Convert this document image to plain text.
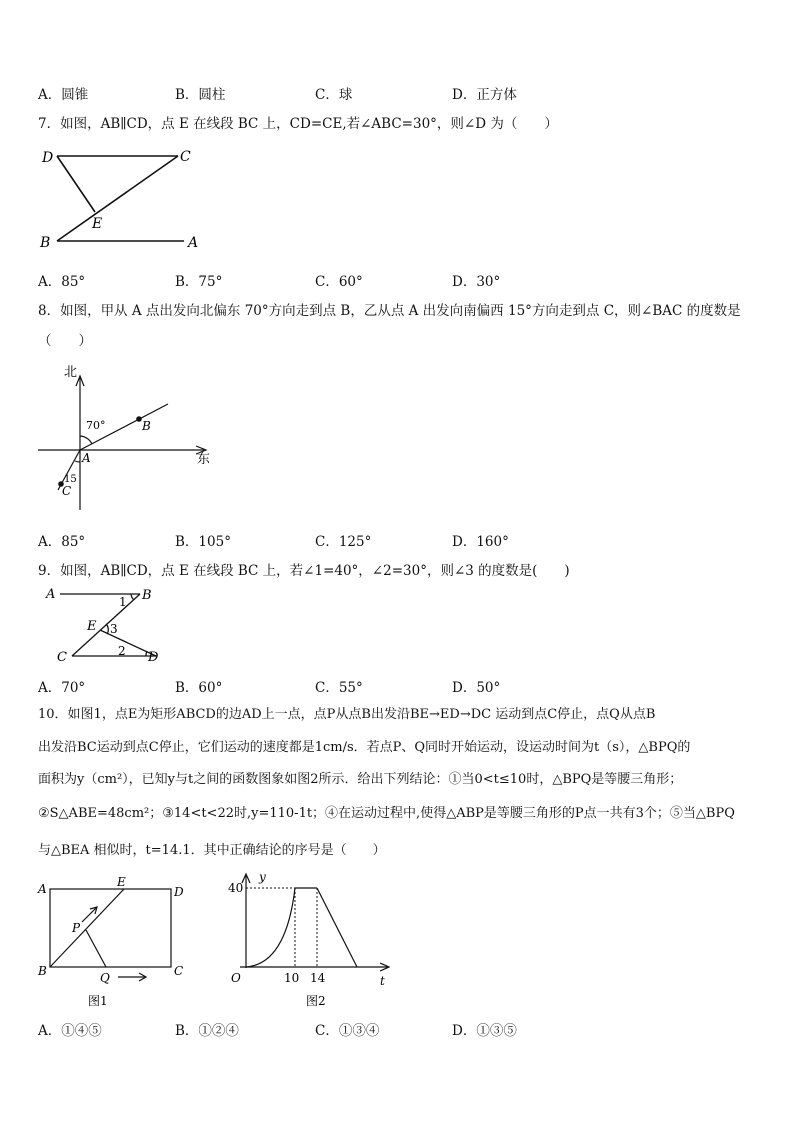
A．圆锥	B．圆柱	C．球	D．正方体
7．如图，AB∥CD，点 E 在线段 BC 上，CD=CE,若∠ABC=30°，则∠D 为（　　）
D	C
E
B	A
A．85°	B．75°	C．60°	D．30°
8．如图，甲从 A 点出发向北偏东 70°方向走到点 B，乙从点 A 出发向南偏西 15°方向走到点 C，则∠BAC 的度数是
（　　）
北
东
70°
15
A
B
C
A．85°	B．105°	C．125°	D．160°
9．如图，AB∥CD，点 E 在线段 BC 上，若∠1=40°，∠2=30°，则∠3 的度数是(　　)
A	B
E
C	D
1
3
2
A．70°	B．60°	C．55°	D．50°
10．如图1，点E为矩形ABCD的边AD上一点，点P从点B出发沿BE→ED→DC 运动到点C停止，点Q从点B
出发沿BC运动到点C停止，它们运动的速度都是1cm/s．若点P、Q同时开始运动，设运动时间为t（s），△BPQ的
面积为y（cm²），已知y与t之间的函数图象如图2所示．给出下列结论：①当0<t≤10时，△BPQ是等腰三角形；
②S△ABE=48cm²；③14<t<22时,y=110-1t；④在运动过程中,使得△ABP是等腰三角形的P点一共有3个；⑤当△BPQ
与△BEA 相似时，t=14.1．其中正确结论的序号是（　　）
A	E
D
P
B	Q	C
图1
y
t
O
40
10 14
图2
A．①④⑤	B．①②④	C．①③④	D．①③⑤
